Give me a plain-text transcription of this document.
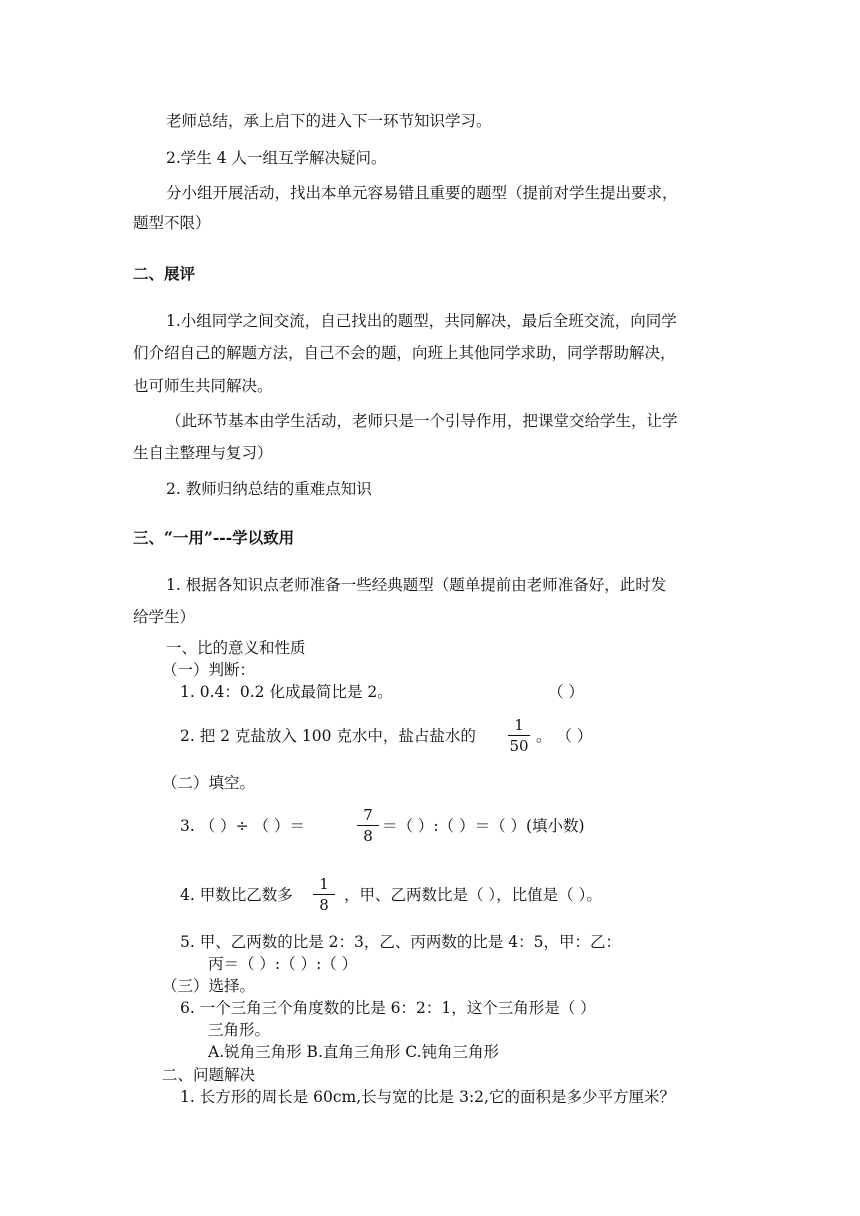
老师总结，承上启下的进入下一环节知识学习。
2.学生 4 人一组互学解决疑问。
分小组开展活动，找出本单元容易错且重要的题型（提前对学生提出要求，
题型不限）
二、展评
1.小组同学之间交流，自己找出的题型，共同解决，最后全班交流，向同学
们介绍自己的解题方法，自己不会的题，向班上其他同学求助，同学帮助解决，
也可师生共同解决。
（此环节基本由学生活动，老师只是一个引导作用，把课堂交给学生，让学
生自主整理与复习）
2. 教师归纳总结的重难点知识
三、“一用”---学以致用
1. 根据各知识点老师准备一些经典题型（题单提前由老师准备好，此时发
给学生）
一、比的意义和性质
（一）判断：
1. 0.4：0.2 化成最简比是 2。	（ ）
2. 把 2 克盐放入 100 克水中，盐占盐水的
1
50
。 （ ）
（二）填空。
3. （ ）÷ （ ）＝
7
8
＝（ ）:（ ）＝（ ）(填小数)
4. 甲数比乙数多
1
8
，甲、乙两数比是（ ），比值是（ ）。
5. 甲、乙两数的比是 2：3，乙、丙两数的比是 4：5，甲：乙：
丙＝（ ）:（ ）:（ ）
（三）选择。
6. 一个三角三个角度数的比是 6：2：1，这个三角形是（ ）
三角形。
A.锐角三角形 B.直角三角形 C.钝角三角形
二、问题解决
1. 长方形的周长是 60cm,长与宽的比是 3:2,它的面积是多少平方厘米？
